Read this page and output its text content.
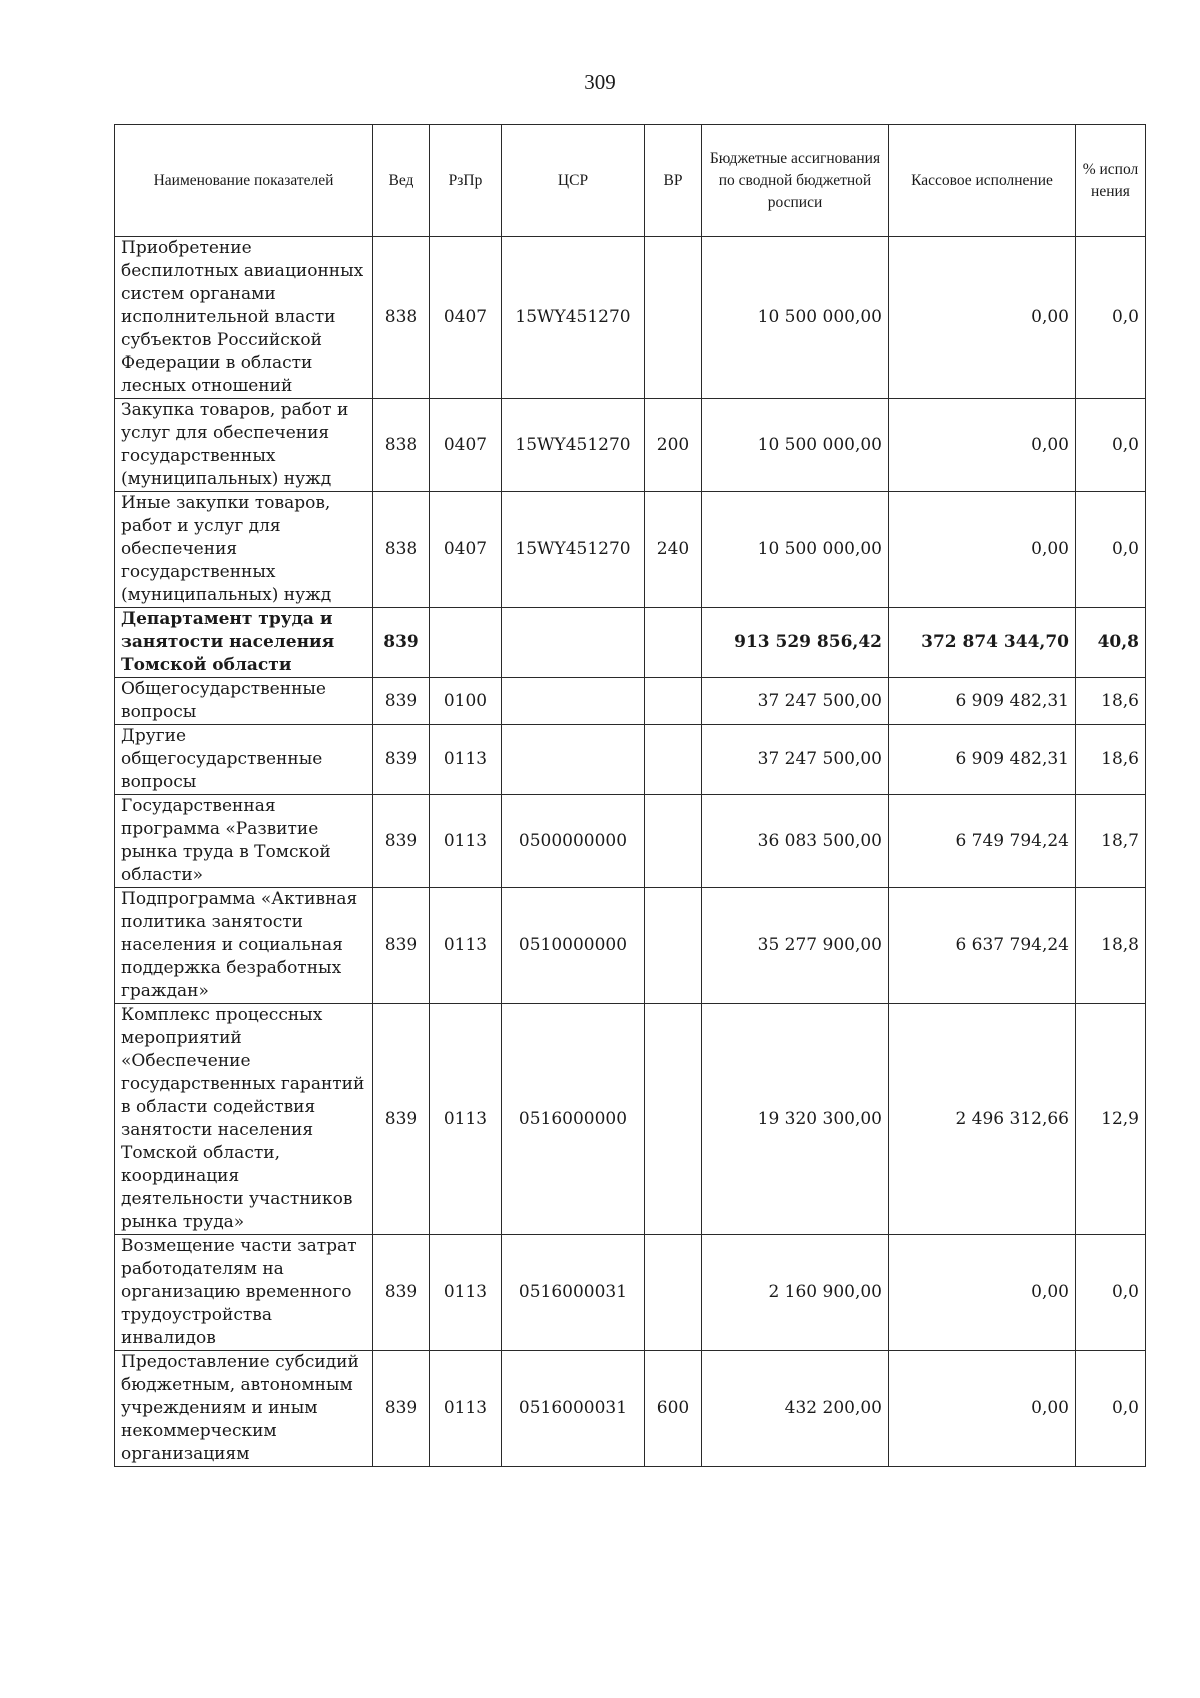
309
Наименование показателей	Вед	РзПр	ЦСР	ВР	Бюджетные ассигнования по сводной бюджетной росписи	Кассовое исполнение	% испол нения
Приобретение беспилотных авиационных систем органами исполнительной власти субъектов Российской Федерации в области лесных отношений	838	0407	15WY451270		10 500 000,00	0,00	0,0
Закупка товаров, работ и услуг для обеспечения государственных (муниципальных) нужд	838	0407	15WY451270	200	10 500 000,00	0,00	0,0
Иные закупки товаров, работ и услуг для обеспечения государственных (муниципальных) нужд	838	0407	15WY451270	240	10 500 000,00	0,00	0,0
Департамент труда и занятости населения Томской области	839				913 529 856,42	372 874 344,70	40,8
Общегосударственные вопросы	839	0100			37 247 500,00	6 909 482,31	18,6
Другие общегосударственные вопросы	839	0113			37 247 500,00	6 909 482,31	18,6
Государственная программа «Развитие рынка труда в Томской области»	839	0113	0500000000		36 083 500,00	6 749 794,24	18,7
Подпрограмма «Активная политика занятости населения и социальная поддержка безработных граждан»	839	0113	0510000000		35 277 900,00	6 637 794,24	18,8
Комплекс процессных мероприятий «Обеспечение государственных гарантий в области содействия занятости населения Томской области, координация деятельности участников рынка труда»	839	0113	0516000000		19 320 300,00	2 496 312,66	12,9
Возмещение части затрат работодателям на организацию временного трудоустройства инвалидов	839	0113	0516000031		2 160 900,00	0,00	0,0
Предоставление субсидий бюджетным, автономным учреждениям и иным некоммерческим организациям	839	0113	0516000031	600	432 200,00	0,00	0,0
